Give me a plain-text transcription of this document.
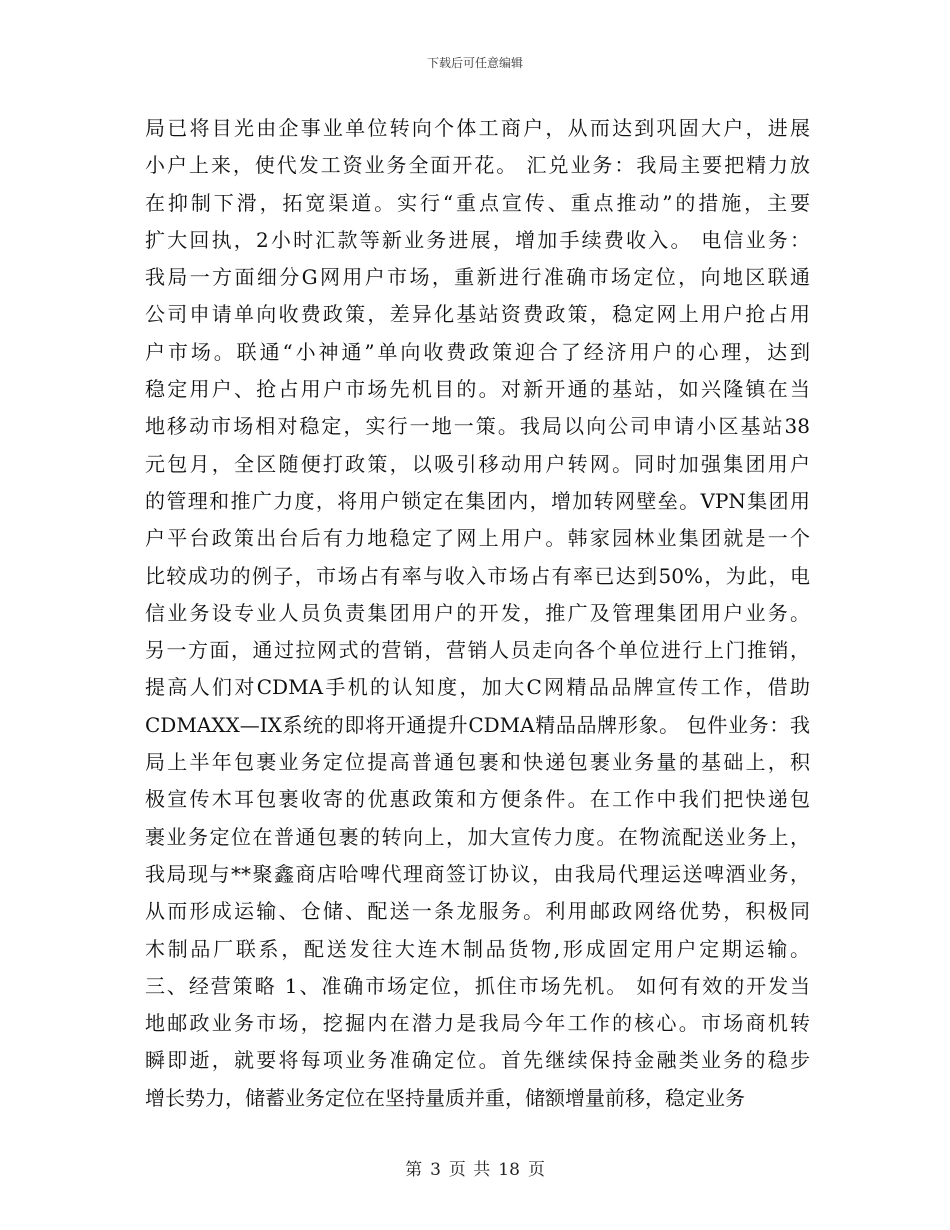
下载后可任意编辑
局已将目光由企事业单位转向个体工商户，从而达到巩固大户，进展
小户上来，使代发工资业务全面开花。 汇兑业务：我局主要把精力放
在抑制下滑，拓宽渠道。实行“重点宣传、重点推动”的措施，主要
扩大回执，2小时汇款等新业务进展，增加手续费收入。 电信业务：
我局一方面细分G网用户市场，重新进行准确市场定位，向地区联通
公司申请单向收费政策，差异化基站资费政策，稳定网上用户抢占用
户市场。联通“小神通”单向收费政策迎合了经济用户的心理，达到
稳定用户、抢占用户市场先机目的。对新开通的基站，如兴隆镇在当
地移动市场相对稳定，实行一地一策。我局以向公司申请小区基站38
元包月，全区随便打政策，以吸引移动用户转网。同时加强集团用户
的管理和推广力度，将用户锁定在集团内，增加转网壁垒。VPN集团用
户平台政策出台后有力地稳定了网上用户。韩家园林业集团就是一个
比较成功的例子，市场占有率与收入市场占有率已达到50%，为此，电
信业务设专业人员负责集团用户的开发，推广及管理集团用户业务。
另一方面，通过拉网式的营销，营销人员走向各个单位进行上门推销，
提高人们对CDMA手机的认知度，加大C网精品品牌宣传工作，借助
CDMAXX—IX系统的即将开通提升CDMA精品品牌形象。 包件业务：我
局上半年包裹业务定位提高普通包裹和快递包裹业务量的基础上，积
极宣传木耳包裹收寄的优惠政策和方便条件。在工作中我们把快递包
裹业务定位在普通包裹的转向上，加大宣传力度。在物流配送业务上，
我局现与**聚鑫商店哈啤代理商签订协议，由我局代理运送啤酒业务，
从而形成运输、仓储、配送一条龙服务。利用邮政网络优势，积极同
木制品厂联系，配送发往大连木制品货物,形成固定用户定期运输。
三、经营策略 1、准确市场定位，抓住市场先机。 如何有效的开发当
地邮政业务市场，挖掘内在潜力是我局今年工作的核心。市场商机转
瞬即逝，就要将每项业务准确定位。首先继续保持金融类业务的稳步
增长势力，储蓄业务定位在坚持量质并重，储额增量前移，稳定业务
第 3 页 共 18 页
